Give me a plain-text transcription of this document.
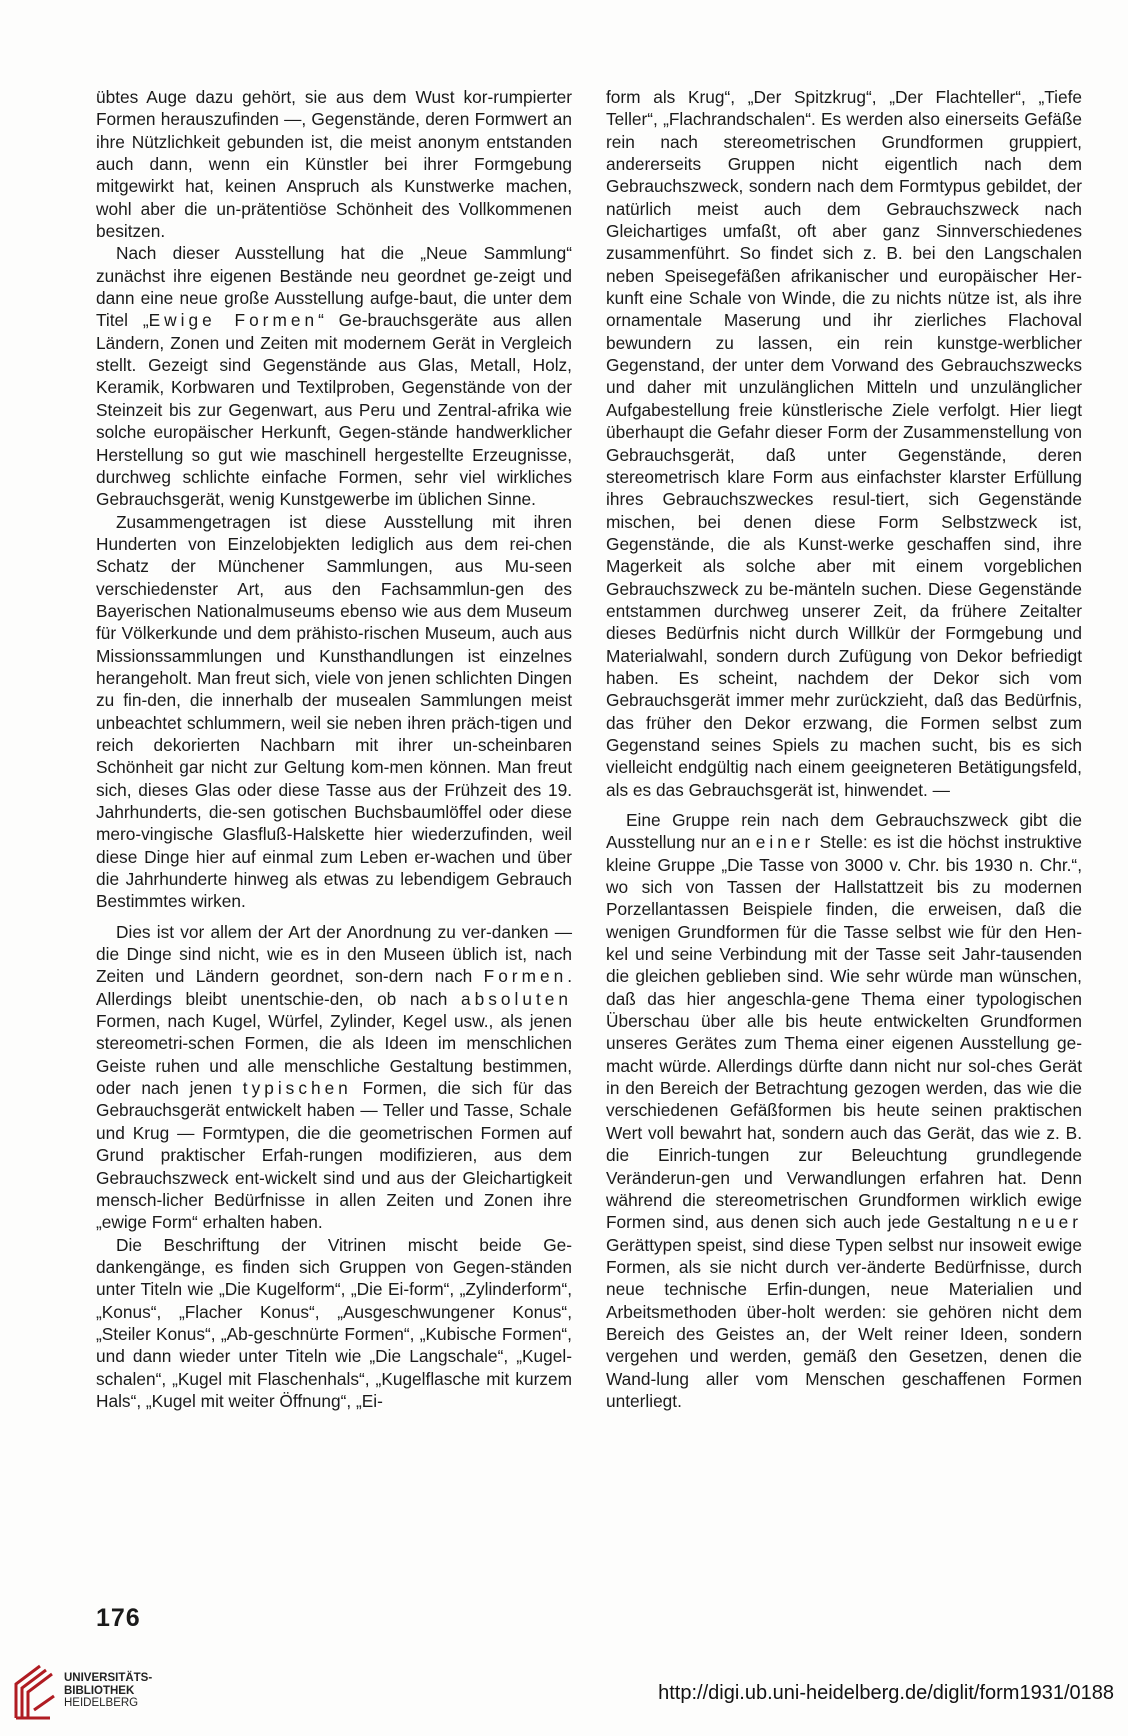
übtes Auge dazu gehört, sie aus dem Wust kor-rumpierter Formen herauszufinden —, Gegenstände, deren Formwert an ihre Nützlichkeit gebunden ist, die meist anonym entstanden auch dann, wenn ein Künstler bei ihrer Formgebung mitgewirkt hat, keinen Anspruch als Kunstwerke machen, wohl aber die un-prätentiöse Schönheit des Vollkommenen besitzen.

Nach dieser Ausstellung hat die „Neue Sammlung“ zunächst ihre eigenen Bestände neu geordnet ge-zeigt und dann eine neue große Ausstellung aufge-baut, die unter dem Titel „Ewige Formen“ Ge-brauchsgeräte aus allen Ländern, Zonen und Zeiten mit modernem Gerät in Vergleich stellt. Gezeigt sind Gegenstände aus Glas, Metall, Holz, Keramik, Korbwaren und Textilproben, Gegenstände von der Steinzeit bis zur Gegenwart, aus Peru und Zentral-afrika wie solche europäischer Herkunft, Gegen-stände handwerklicher Herstellung so gut wie maschinell hergestellte Erzeugnisse, durchweg schlichte einfache Formen, sehr viel wirkliches Gebrauchsgerät, wenig Kunstgewerbe im üblichen Sinne.

Zusammengetragen ist diese Ausstellung mit ihren Hunderten von Einzelobjekten lediglich aus dem rei-chen Schatz der Münchener Sammlungen, aus Mu-seen verschiedenster Art, aus den Fachsammlun-gen des Bayerischen Nationalmuseums ebenso wie aus dem Museum für Völkerkunde und dem prähisto-rischen Museum, auch aus Missionssammlungen und Kunsthandlungen ist einzelnes herangeholt. Man freut sich, viele von jenen schlichten Dingen zu fin-den, die innerhalb der musealen Sammlungen meist unbeachtet schlummern, weil sie neben ihren präch-tigen und reich dekorierten Nachbarn mit ihrer un-scheinbaren Schönheit gar nicht zur Geltung kom-men können. Man freut sich, dieses Glas oder diese Tasse aus der Frühzeit des 19. Jahrhunderts, die-sen gotischen Buchsbaumlöffel oder diese mero-vingische Glasfluß-Halskette hier wiederzufinden, weil diese Dinge hier auf einmal zum Leben er-wachen und über die Jahrhunderte hinweg als etwas zu lebendigem Gebrauch Bestimmtes wirken.

Dies ist vor allem der Art der Anordnung zu ver-danken — die Dinge sind nicht, wie es in den Museen üblich ist, nach Zeiten und Ländern geordnet, son-dern nach Formen. Allerdings bleibt unentschie-den, ob nach absoluten Formen, nach Kugel, Würfel, Zylinder, Kegel usw., als jenen stereometri-schen Formen, die als Ideen im menschlichen Geiste ruhen und alle menschliche Gestaltung bestimmen, oder nach jenen typischen Formen, die sich für das Gebrauchsgerät entwickelt haben — Teller und Tasse, Schale und Krug — Formtypen, die die geometrischen Formen auf Grund praktischer Erfah-rungen modifizieren, aus dem Gebrauchszweck ent-wickelt sind und aus der Gleichartigkeit mensch-licher Bedürfnisse in allen Zeiten und Zonen ihre „ewige Form“ erhalten haben.

Die Beschriftung der Vitrinen mischt beide Ge-dankengänge, es finden sich Gruppen von Gegen-ständen unter Titeln wie „Die Kugelform“, „Die Ei-form“, „Zylinderform“, „Konus“, „Flacher Konus“, „Ausgeschwungener Konus“, „Steiler Konus“, „Ab-geschnürte Formen“, „Kubische Formen“, und dann wieder unter Titeln wie „Die Langschale“, „Kugel-schalen“, „Kugel mit Flaschenhals“, „Kugelflasche mit kurzem Hals“, „Kugel mit weiter Öffnung“, „Ei-

form als Krug“, „Der Spitzkrug“, „Der Flachteller“, „Tiefe Teller“, „Flachrandschalen“. Es werden also einerseits Gefäße rein nach stereometrischen Grundformen gruppiert, andererseits Gruppen nicht eigentlich nach dem Gebrauchszweck, sondern nach dem Formtypus gebildet, der natürlich meist auch dem Gebrauchszweck nach Gleichartiges umfaßt, oft aber ganz Sinnverschiedenes zusammenführt. So findet sich z. B. bei den Langschalen neben Speisegefäßen afrikanischer und europäischer Her-kunft eine Schale von Winde, die zu nichts nütze ist, als ihre ornamentale Maserung und ihr zierliches Flachoval bewundern zu lassen, ein rein kunstge-werblicher Gegenstand, der unter dem Vorwand des Gebrauchszwecks und daher mit unzulänglichen Mitteln und unzulänglicher Aufgabestellung freie künstlerische Ziele verfolgt. Hier liegt überhaupt die Gefahr dieser Form der Zusammenstellung von Gebrauchsgerät, daß unter Gegenstände, deren stereometrisch klare Form aus einfachster klarster Erfüllung ihres Gebrauchszweckes resul-tiert, sich Gegenstände mischen, bei denen diese Form Selbstzweck ist, Gegenstände, die als Kunst-werke geschaffen sind, ihre Magerkeit als solche aber mit einem vorgeblichen Gebrauchszweck zu be-mänteln suchen. Diese Gegenstände entstammen durchweg unserer Zeit, da frühere Zeitalter dieses Bedürfnis nicht durch Willkür der Formgebung und Materialwahl, sondern durch Zufügung von Dekor befriedigt haben. Es scheint, nachdem der Dekor sich vom Gebrauchsgerät immer mehr zurückzieht, daß das Bedürfnis, das früher den Dekor erzwang, die Formen selbst zum Gegenstand seines Spiels zu machen sucht, bis es sich vielleicht endgültig nach einem geeigneteren Betätigungsfeld, als es das Gebrauchsgerät ist, hinwendet. —

Eine Gruppe rein nach dem Gebrauchszweck gibt die Ausstellung nur an einer Stelle: es ist die höchst instruktive kleine Gruppe „Die Tasse von 3000 v. Chr. bis 1930 n. Chr.“, wo sich von Tassen der Hallstattzeit bis zu modernen Porzellantassen Beispiele finden, die erweisen, daß die wenigen Grundformen für die Tasse selbst wie für den Hen-kel und seine Verbindung mit der Tasse seit Jahr-tausenden die gleichen geblieben sind. Wie sehr würde man wünschen, daß das hier angeschla-gene Thema einer typologischen Überschau über alle bis heute entwickelten Grundformen unseres Gerätes zum Thema einer eigenen Ausstellung ge-macht würde. Allerdings dürfte dann nicht nur sol-ches Gerät in den Bereich der Betrachtung gezogen werden, das wie die verschiedenen Gefäßformen bis heute seinen praktischen Wert voll bewahrt hat, sondern auch das Gerät, das wie z. B. die Einrich-tungen zur Beleuchtung grundlegende Veränderun-gen und Verwandlungen erfahren hat. Denn während die stereometrischen Grundformen wirklich ewige Formen sind, aus denen sich auch jede Gestaltung neuer Gerättypen speist, sind diese Typen selbst nur insoweit ewige Formen, als sie nicht durch ver-änderte Bedürfnisse, durch neue technische Erfin-dungen, neue Materialien und Arbeitsmethoden über-holt werden: sie gehören nicht dem Bereich des Geistes an, der Welt reiner Ideen, sondern vergehen und werden, gemäß den Gesetzen, denen die Wand-lung aller vom Menschen geschaffenen Formen unterliegt.

176
UNIVERSITÄTS-
BIBLIOTHEK
HEIDELBERG	http://digi.ub.uni-heidelberg.de/diglit/form1931/0188
